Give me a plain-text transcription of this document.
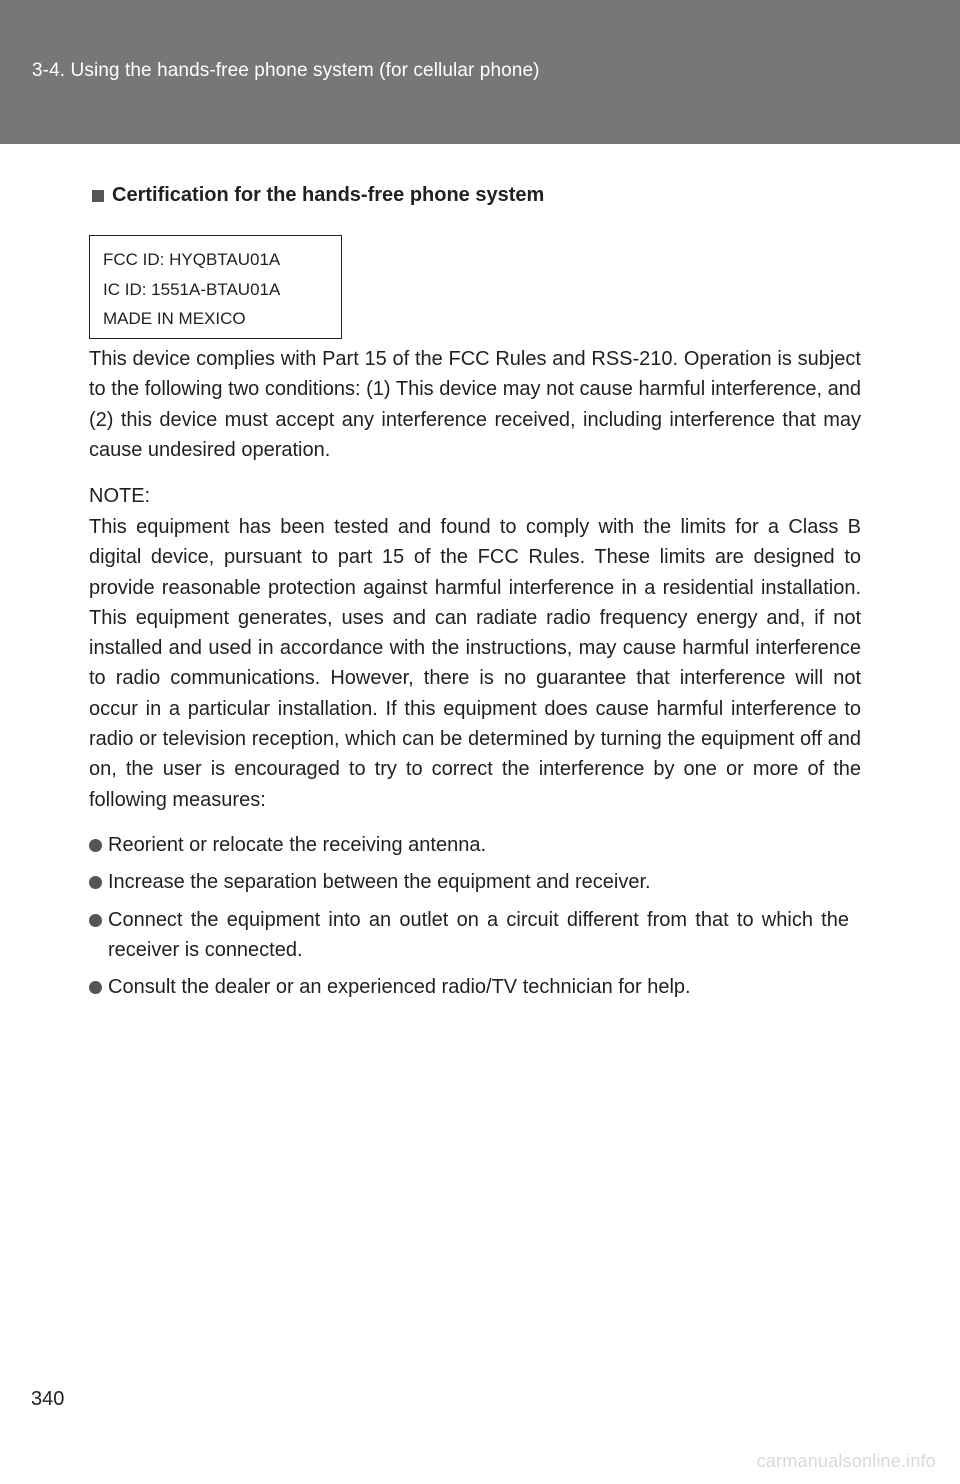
3-4. Using the hands-free phone system (for cellular phone)
Certification for the hands-free phone system
FCC ID: HYQBTAU01A
IC ID: 1551A-BTAU01A
MADE IN MEXICO
This device complies with Part 15 of the FCC Rules and RSS-210. Operation is subject to the following two conditions: (1) This device may not cause harmful interference, and (2) this device must accept any interference received, including interference that may cause undesired operation.
NOTE:
This equipment has been tested and found to comply with the limits for a Class B digital device, pursuant to part 15 of the FCC Rules. These limits are designed to provide reasonable protection against harmful interference in a residential installation. This equipment generates, uses and can radiate radio frequency energy and, if not installed and used in accordance with the instructions, may cause harmful interference to radio communications. However, there is no guarantee that interference will not occur in a particular installation. If this equipment does cause harmful interference to radio or television reception, which can be determined by turning the equipment off and on, the user is encouraged to try to correct the interference by one or more of the following measures:
Reorient or relocate the receiving antenna.
Increase the separation between the equipment and receiver.
Connect the equipment into an outlet on a circuit different from that to which the receiver is connected.
Consult the dealer or an experienced radio/TV technician for help.
340
carmanualsonline.info
